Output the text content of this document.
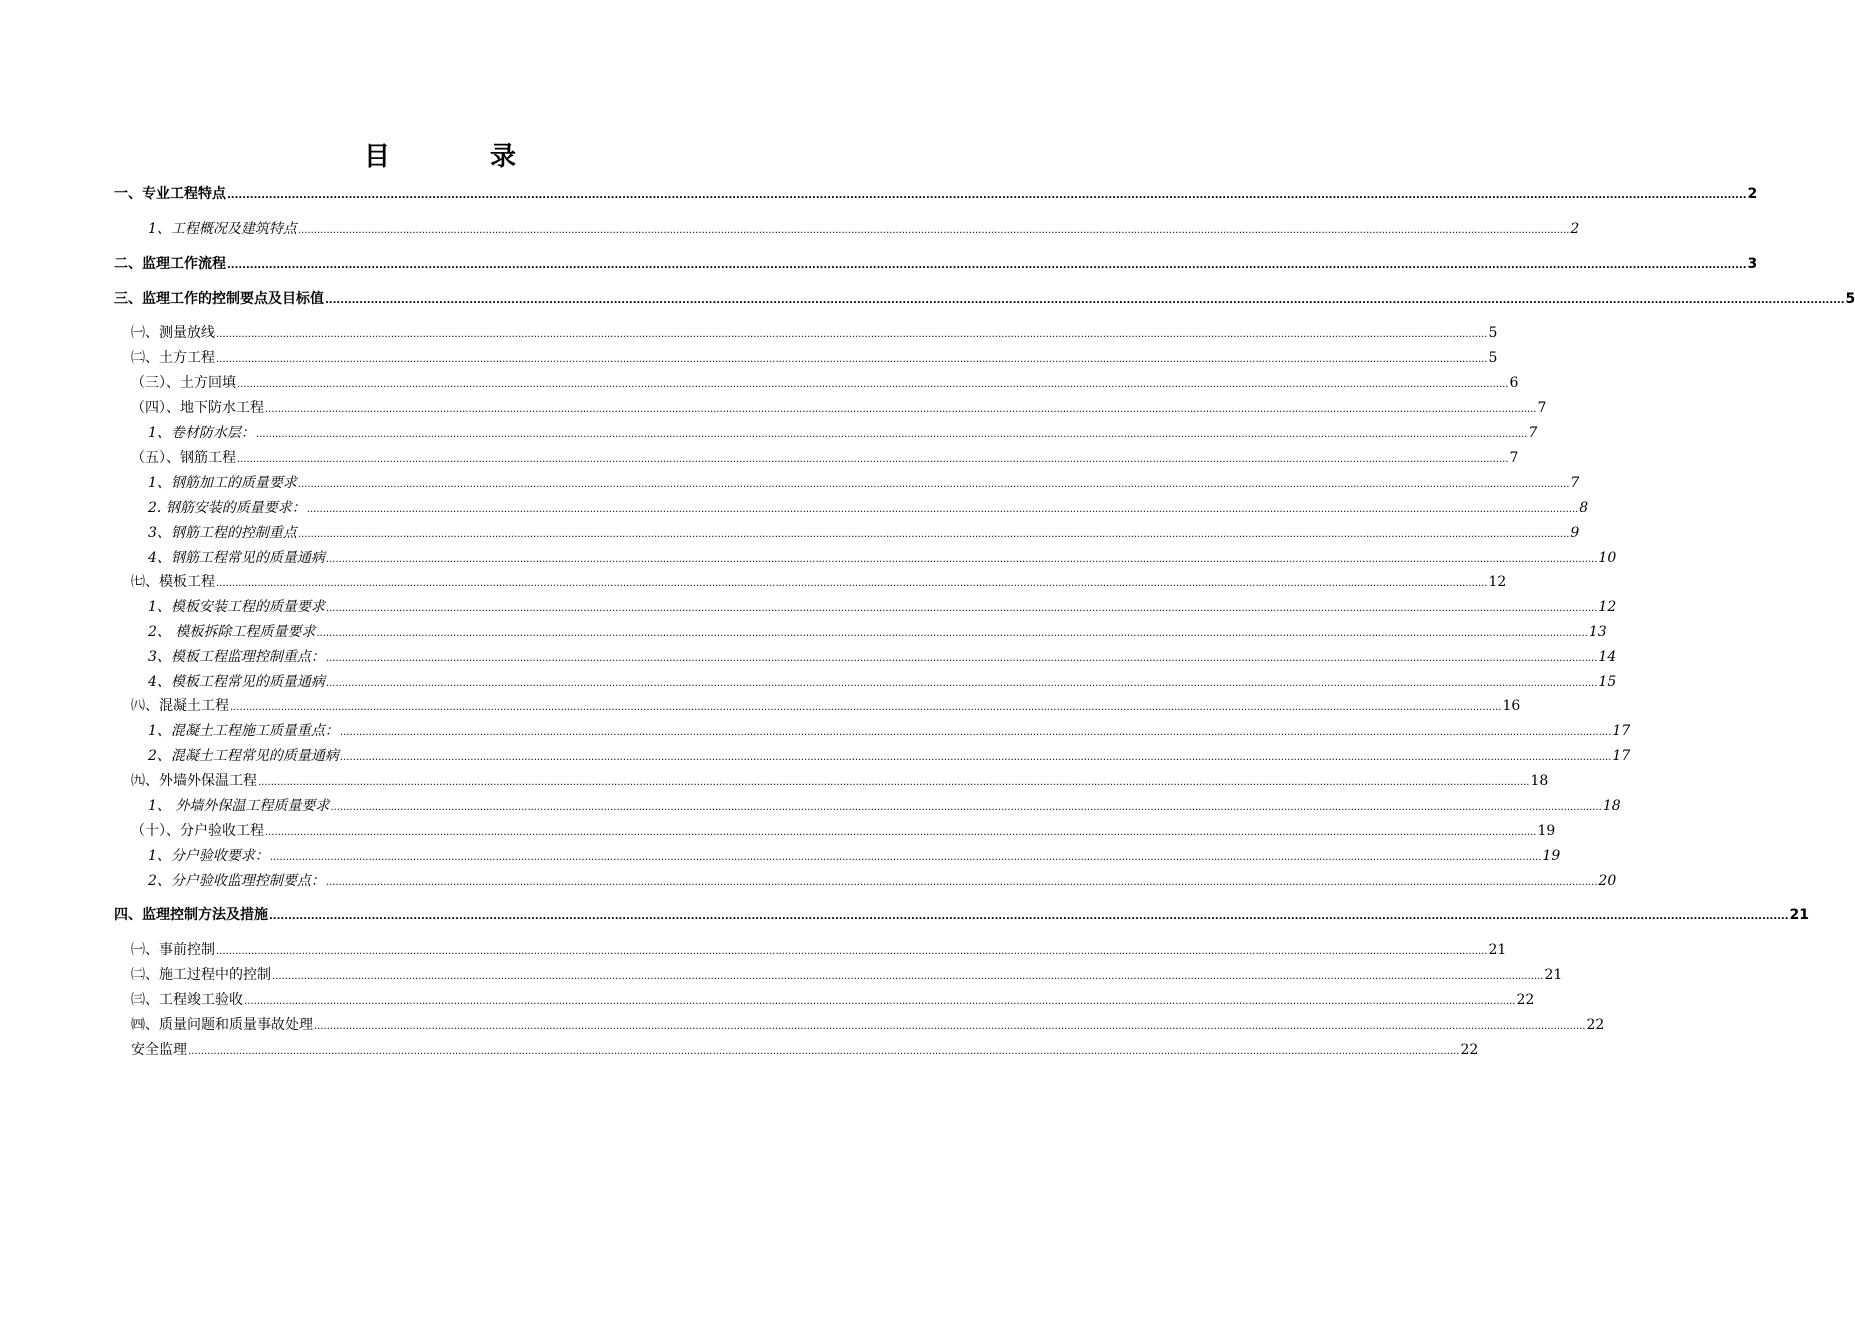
目录
一、专业工程特点 ................................................................................................................................................................................................................................................................................................................................................................................................................ 2
1、工程概况及建筑特点 ................................................................................................................................................................................................................................................................................................................................................................................................................ 2
二、监理工作流程 ................................................................................................................................................................................................................................................................................................................................................................................................................ 3
三、监理工作的控制要点及目标值 ................................................................................................................................................................................................................................................................................................................................................................................................................ 5
㈠、测量放线 ................................................................................................................................................................................................................................................................................................................................................................................................................ 5
㈡、土方工程 ................................................................................................................................................................................................................................................................................................................................................................................................................ 5
（三）、土方回填 ................................................................................................................................................................................................................................................................................................................................................................................................................ 6
（四）、地下防水工程 ................................................................................................................................................................................................................................................................................................................................................................................................................ 7
1、卷材防水层： ................................................................................................................................................................................................................................................................................................................................................................................................................ 7
（五）、钢筋工程 ................................................................................................................................................................................................................................................................................................................................................................................................................ 7
1、钢筋加工的质量要求 ................................................................................................................................................................................................................................................................................................................................................................................................................ 7
2. 钢筋安装的质量要求： ................................................................................................................................................................................................................................................................................................................................................................................................................ 8
3、钢筋工程的控制重点 ................................................................................................................................................................................................................................................................................................................................................................................................................ 9
4、钢筋工程常见的质量通病 ................................................................................................................................................................................................................................................................................................................................................................................................................ 10
㈦、模板工程 ................................................................................................................................................................................................................................................................................................................................................................................................................ 12
1、模板安装工程的质量要求 ................................................................................................................................................................................................................................................................................................................................................................................................................ 12
2、 模板拆除工程质量要求 ................................................................................................................................................................................................................................................................................................................................................................................................................ 13
3、模板工程监理控制重点： ................................................................................................................................................................................................................................................................................................................................................................................................................ 14
4、模板工程常见的质量通病 ................................................................................................................................................................................................................................................................................................................................................................................................................ 15
㈧、混凝土工程 ................................................................................................................................................................................................................................................................................................................................................................................................................ 16
1、混凝土工程施工质量重点： ................................................................................................................................................................................................................................................................................................................................................................................................................ 17
2、混凝土工程常见的质量通病 ................................................................................................................................................................................................................................................................................................................................................................................................................ 17
㈨、外墙外保温工程 ................................................................................................................................................................................................................................................................................................................................................................................................................ 18
1、 外墙外保温工程质量要求 ................................................................................................................................................................................................................................................................................................................................................................................................................ 18
（十）、分户验收工程 ................................................................................................................................................................................................................................................................................................................................................................................................................ 19
1、分户验收要求： ................................................................................................................................................................................................................................................................................................................................................................................................................ 19
2、分户验收监理控制要点： ................................................................................................................................................................................................................................................................................................................................................................................................................ 20
四、监理控制方法及措施 ................................................................................................................................................................................................................................................................................................................................................................................................................ 21
㈠、事前控制 ................................................................................................................................................................................................................................................................................................................................................................................................................ 21
㈡、施工过程中的控制 ................................................................................................................................................................................................................................................................................................................................................................................................................ 21
㈢、工程竣工验收 ................................................................................................................................................................................................................................................................................................................................................................................................................ 22
㈣、质量问题和质量事故处理 ................................................................................................................................................................................................................................................................................................................................................................................................................ 22
安全监理 ................................................................................................................................................................................................................................................................................................................................................................................................................ 22
